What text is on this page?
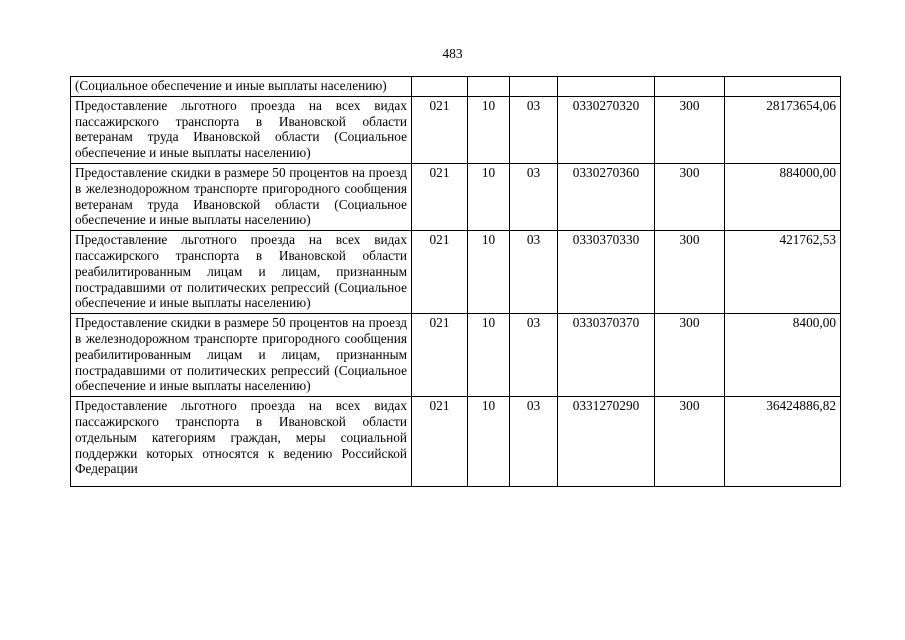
483
(Социальное обеспечение и иные выплаты населению)						
Предоставление льготного проезда на всех видах пассажирского транспорта в Ивановской области ветеранам труда Ивановской области (Социальное обеспечение и иные выплаты населению)	021	10	03	0330270320	300	28173654,06
Предоставление скидки в размере 50 процентов на проезд в железнодорожном транспорте пригородного сообщения ветеранам труда Ивановской области (Социальное обеспечение и иные выплаты населению)	021	10	03	0330270360	300	884000,00
Предоставление льготного проезда на всех видах пассажирского транспорта в Ивановской области реабилитированным лицам и лицам, признанным пострадавшими от политических репрессий (Социальное обеспечение и иные выплаты населению)	021	10	03	0330370330	300	421762,53
Предоставление скидки в размере 50 процентов на проезд в железнодорожном транспорте пригородного сообщения реабилитированным лицам и лицам, признанным пострадавшими от политических репрессий (Социальное обеспечение и иные выплаты населению)	021	10	03	0330370370	300	8400,00
Предоставление льготного проезда на всех видах пассажирского транспорта в Ивановской области отдельным категориям граждан, меры социальной поддержки которых относятся к ведению Российской Федерации	021	10	03	0331270290	300	36424886,82
